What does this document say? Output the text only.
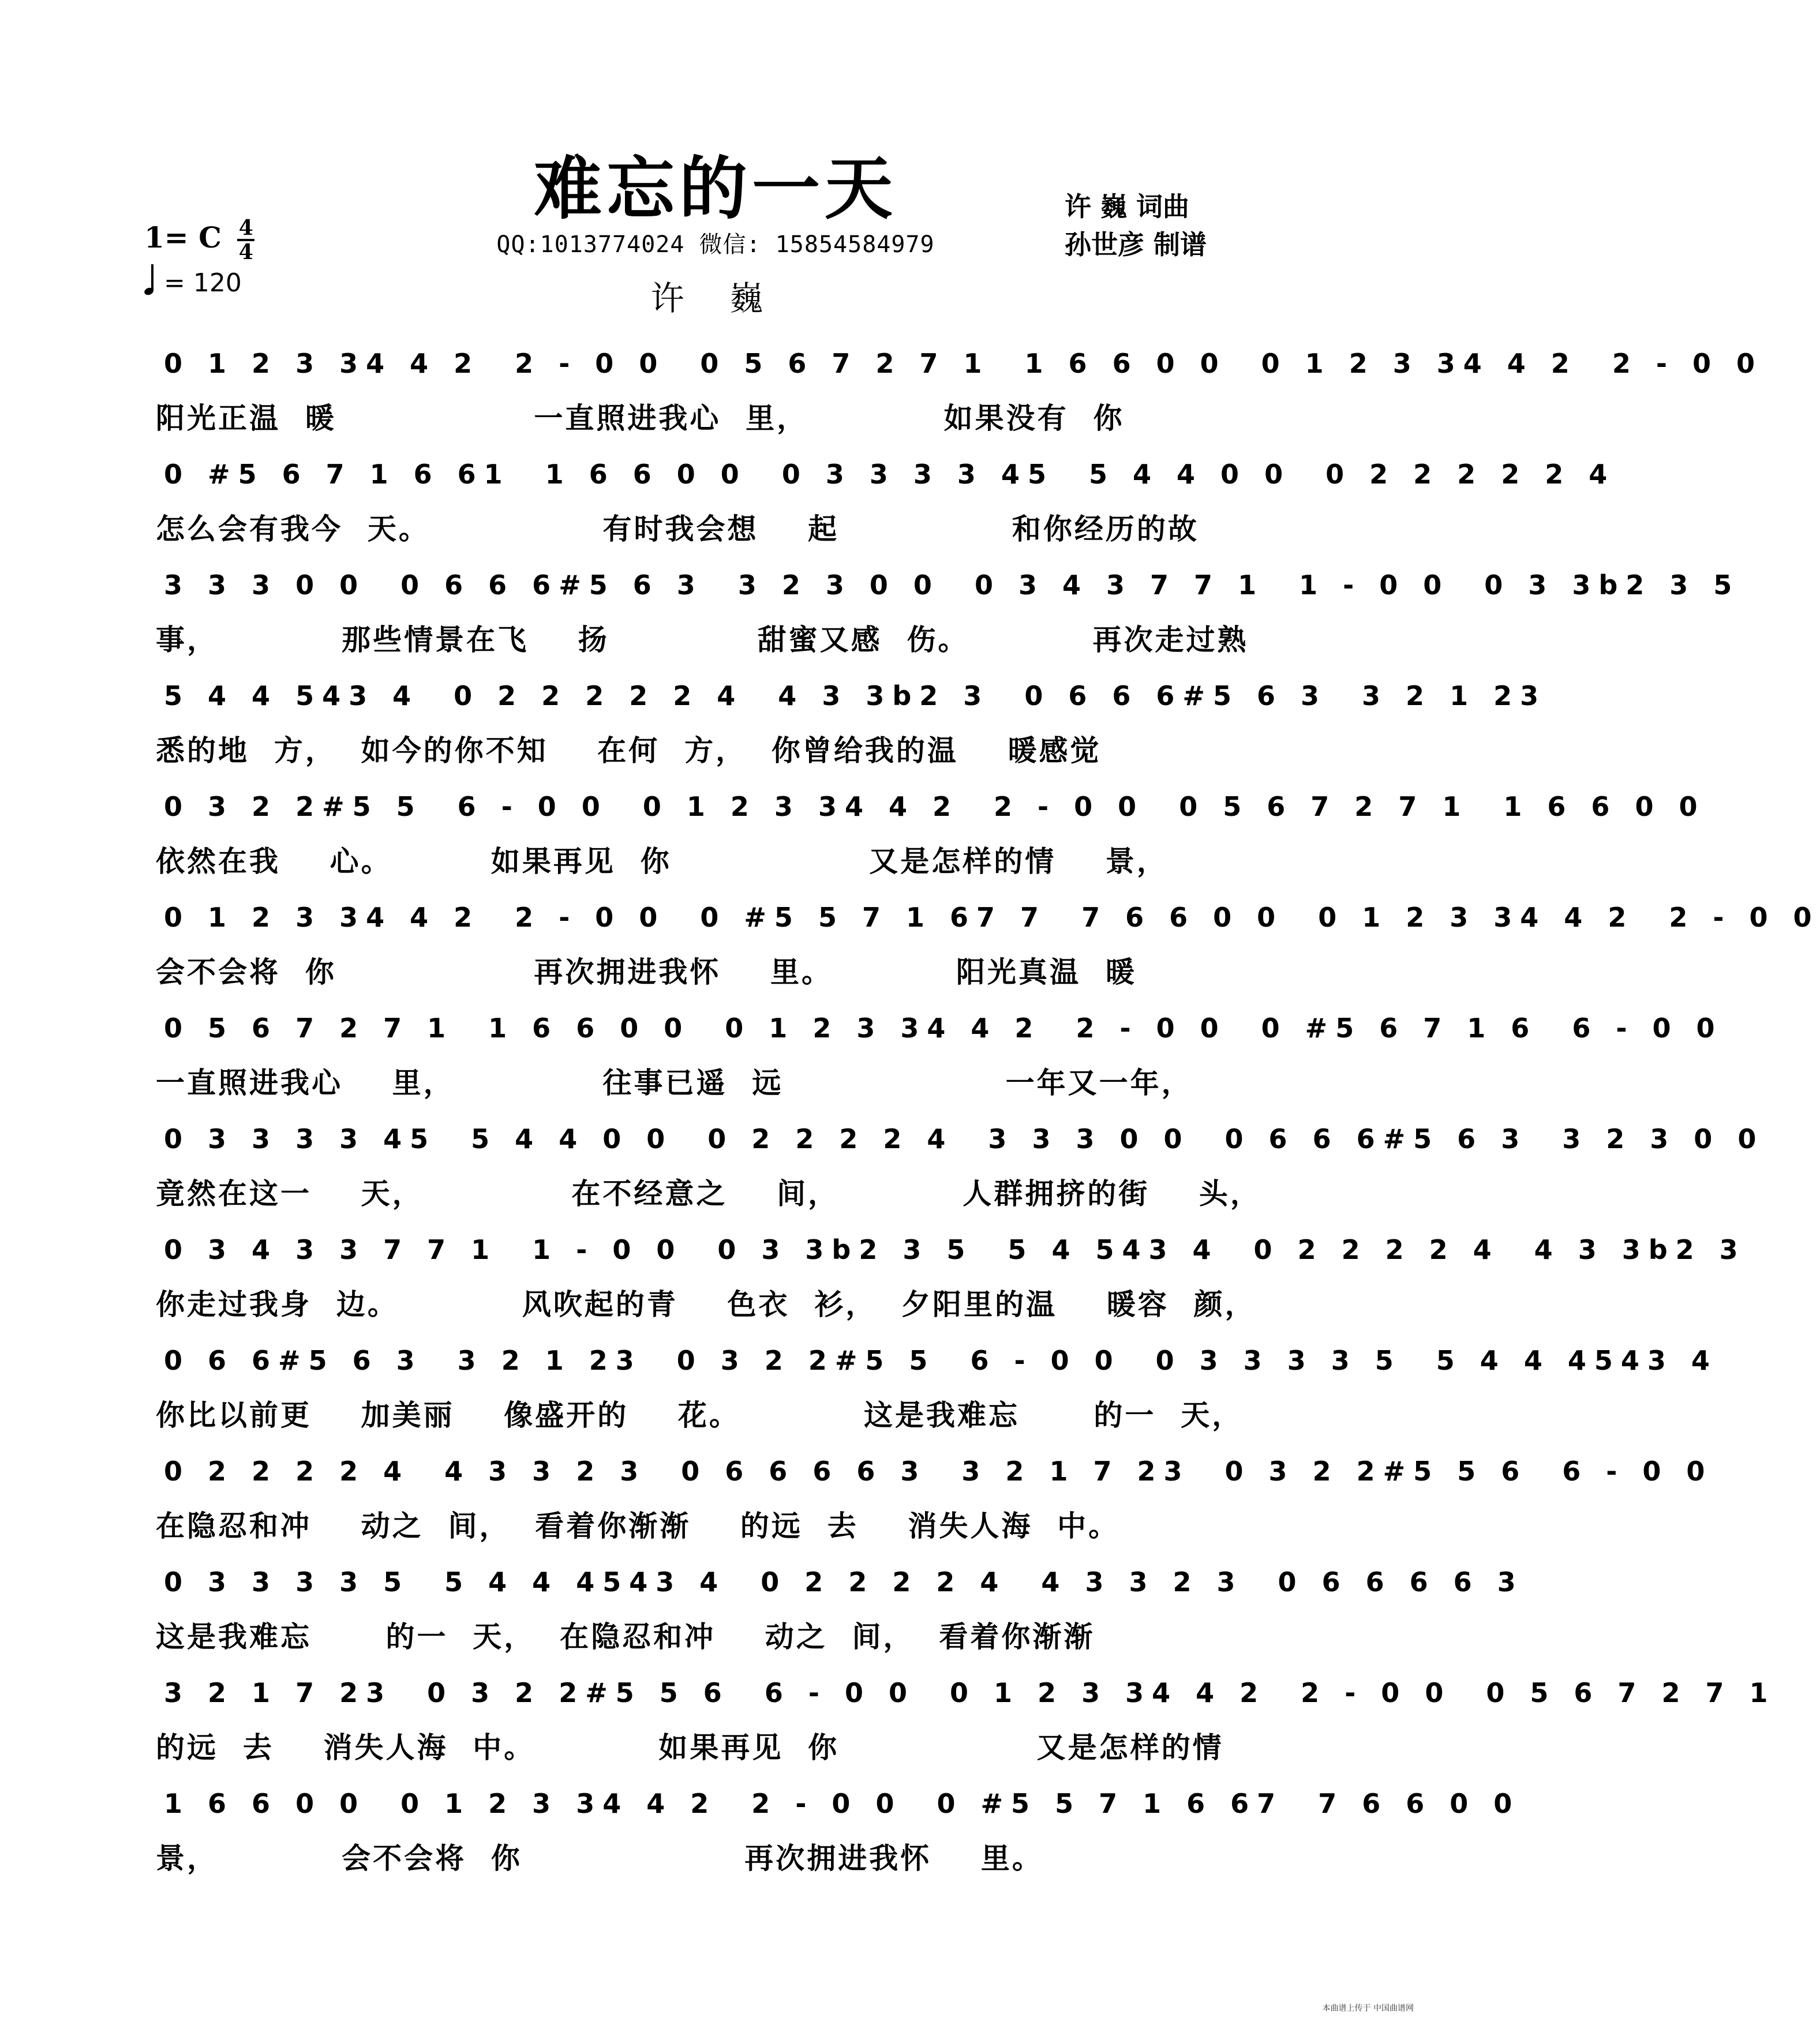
难忘的一天
QQ:1013774024 微信: 15854584979
许 巍
许 巍 词曲
孙世彦 制谱
1= C $\frac{4}{4}$
= 120
0 1 2 3 34 4 2  2 - 0 0  0 5 6 7 2 7 1  1 6 6 0 0  0 1 2 3 34 4 2  2 - 0 0
阳光正温  暖                一直照进我心  里，           如果没有  你
0 #5 6 7 1 6 61  1 6 6 0 0  0 3 3 3 3 45  5 4 4 0 0  0 2 2 2 2 2 4
怎么会有我今  天。              有时我会想    起              和你经历的故
3 3 3 0 0  0 6 6 6#5 6 3  3 2 3 0 0  0 3 4 3 7 7 1  1 - 0 0  0 3 3b2 3 5
事，          那些情景在飞    扬            甜蜜又感  伤。          再次走过熟
5 4 4 543 4  0 2 2 2 2 2 4  4 3 3b2 3  0 6 6 6#5 6 3  3 2 1 23
悉的地  方，  如今的你不知    在何  方，  你曾给我的温    暖感觉
0 3 2 2#5 5  6 - 0 0  0 1 2 3 34 4 2  2 - 0 0  0 5 6 7 2 7 1  1 6 6 0 0
依然在我    心。        如果再见  你                又是怎样的情    景，
0 1 2 3 34 4 2  2 - 0 0  0 #5 5 7 1 67 7  7 6 6 0 0  0 1 2 3 34 4 2  2 - 0 0
会不会将  你                再次拥进我怀    里。          阳光真温  暖
0 5 6 7 2 7 1  1 6 6 0 0  0 1 2 3 34 4 2  2 - 0 0  0 #5 6 7 1 6  6 - 0 0
一直照进我心    里，            往事已遥  远                  一年又一年，
0 3 3 3 3 45  5 4 4 0 0  0 2 2 2 2 4  3 3 3 0 0  0 6 6 6#5 6 3  3 2 3 0 0
竟然在这一    天，            在不经意之    间，          人群拥挤的街    头，
0 3 4 3 3 7 7 1  1 - 0 0  0 3 3b2 3 5  5 4 543 4  0 2 2 2 2 4  4 3 3b2 3
你走过我身  边。          风吹起的青    色衣  衫，  夕阳里的温    暖容  颜，
0 6 6#5 6 3  3 2 1 23  0 3 2 2#5 5  6 - 0 0  0 3 3 3 3 5  5 4 4 4543 4
你比以前更    加美丽    像盛开的    花。          这是我难忘      的一  天，
0 2 2 2 2 4  4 3 3 2 3  0 6 6 6 6 3  3 2 1 7 23  0 3 2 2#5 5 6  6 - 0 0
在隐忍和冲    动之  间，  看着你渐渐    的远  去    消失人海  中。
0 3 3 3 3 5  5 4 4 4543 4  0 2 2 2 2 4  4 3 3 2 3  0 6 6 6 6 3
这是我难忘      的一  天，  在隐忍和冲    动之  间，  看着你渐渐
3 2 1 7 23  0 3 2 2#5 5 6  6 - 0 0  0 1 2 3 34 4 2  2 - 0 0  0 5 6 7 2 7 1
的远  去    消失人海  中。          如果再见  你                又是怎样的情
1 6 6 0 0  0 1 2 3 34 4 2  2 - 0 0  0 #5 5 7 1 6 67  7 6 6 0 0
景，          会不会将  你                  再次拥进我怀    里。
本曲谱上传于 中国曲谱网
